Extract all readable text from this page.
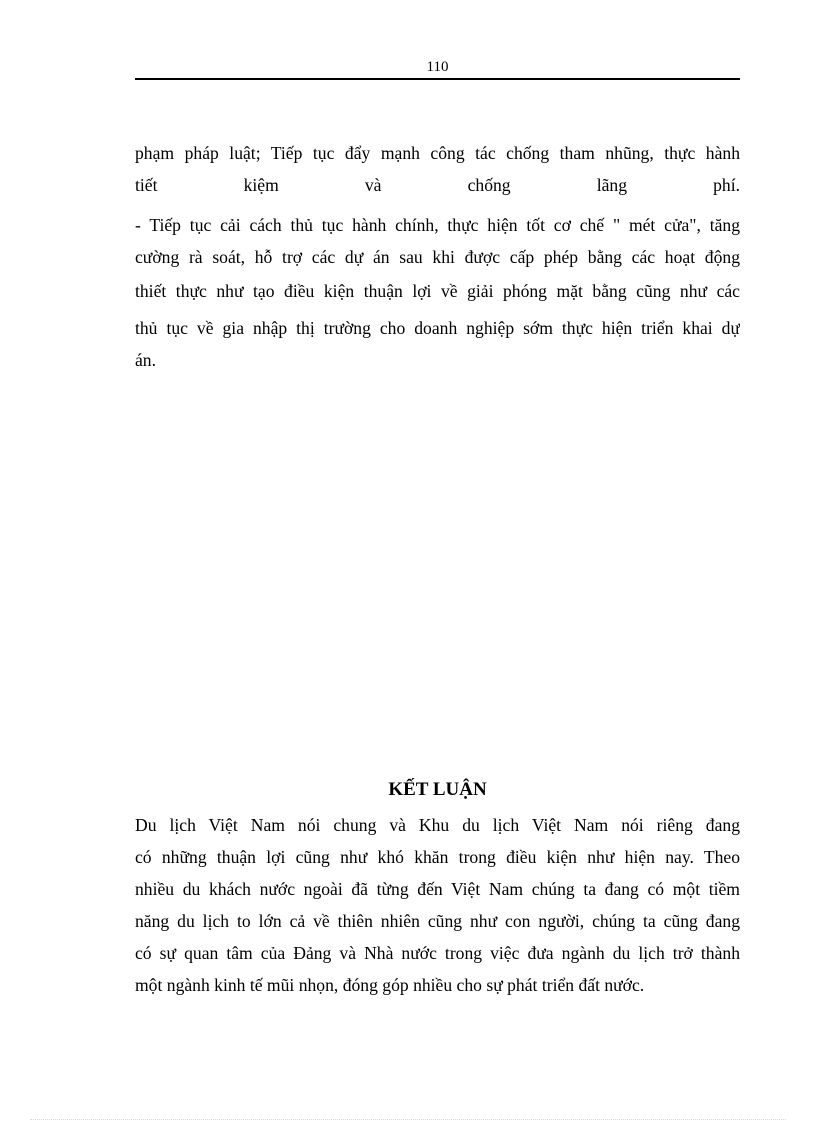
110
phạm pháp luật; Tiếp tục đẩy mạnh công tác chống tham nhũng, thực hành
tiết kiệm và chống lãng phí.
- Tiếp tục cải cách thủ tục hành chính, thực hiện tốt cơ chế " mét cửa", tăng
cường rà soát, hỗ trợ các dự án sau khi được cấp phép bằng các hoạt động
thiết thực như tạo điều kiện thuận lợi về giải phóng mặt bằng cũng như các
thủ tục về gia nhập thị trường cho doanh nghiệp sớm thực hiện triển khai dự
án.
KẾT LUẬN
Du lịch Việt Nam nói chung và Khu du lịch Việt Nam nói riêng đang
có những thuận lợi cũng như khó khăn trong điều kiện như hiện nay. Theo
nhiều du khách nước ngoài đã từng đến Việt Nam chúng ta đang có một tiềm
năng du lịch to lớn cả về thiên nhiên cũng như con người, chúng ta cũng đang
có sự quan tâm của Đảng và Nhà nước trong việc đưa ngành du lịch trở thành
một ngành kinh tế mũi nhọn, đóng góp nhiều cho sự phát triển đất nước.
